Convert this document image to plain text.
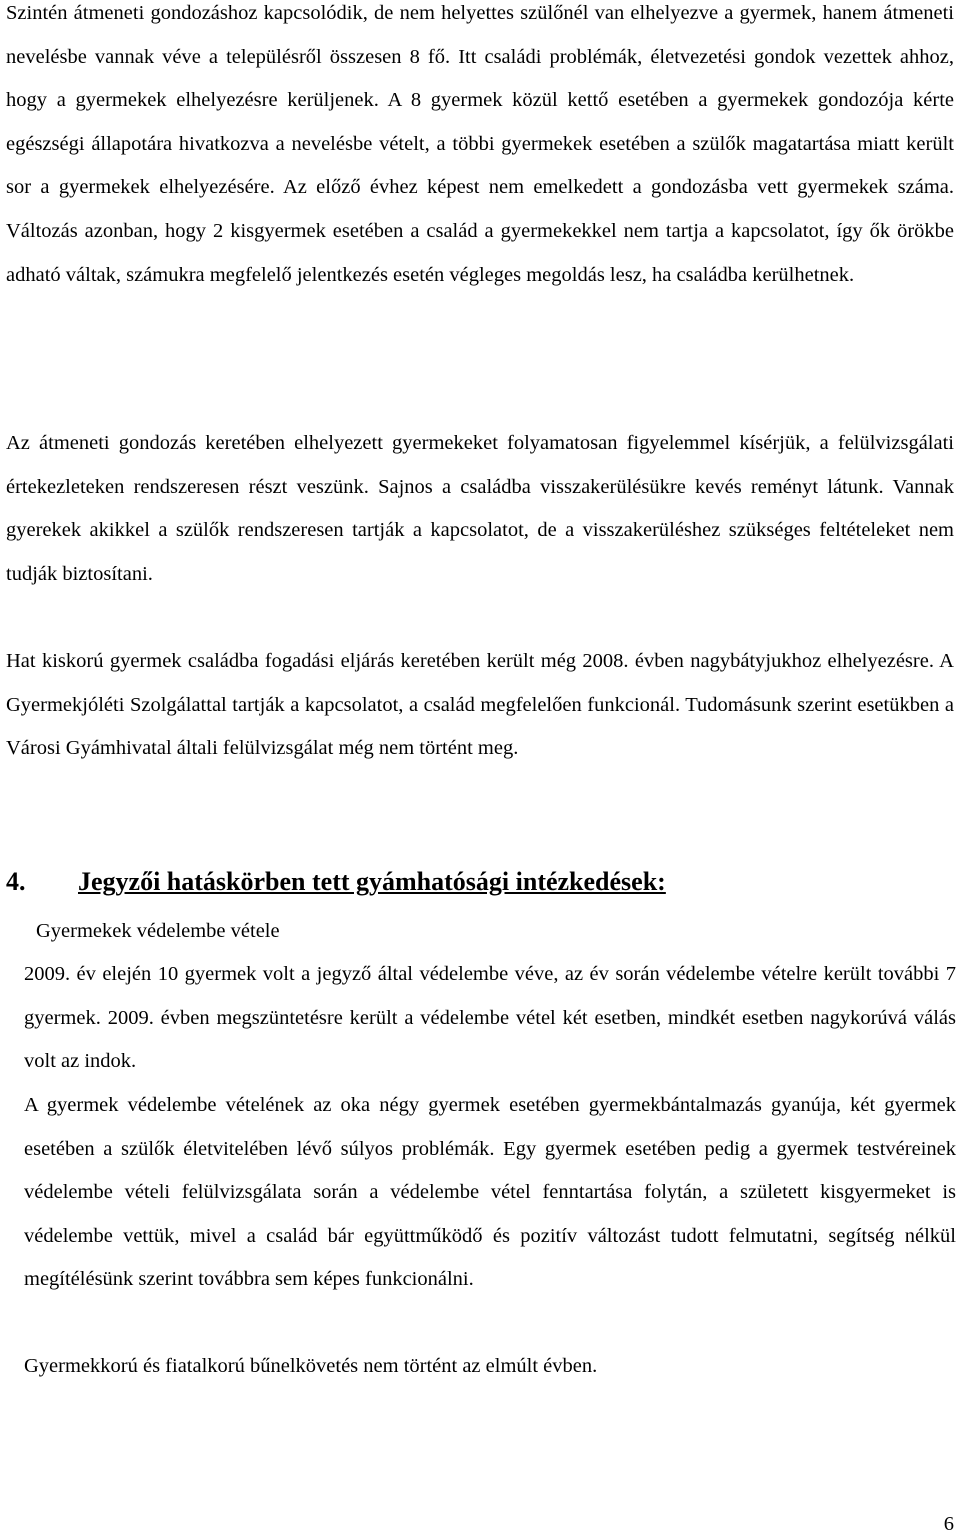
Szintén átmeneti gondozáshoz kapcsolódik, de nem helyettes szülőnél van elhelyezve a gyermek, hanem átmeneti nevelésbe vannak véve a településről összesen 8 fő. Itt családi problémák, életvezetési gondok vezettek ahhoz, hogy a gyermekek elhelyezésre kerüljenek. A 8 gyermek közül kettő esetében a gyermekek gondozója kérte egészségi állapotára hivatkozva a nevelésbe vételt, a többi gyermekek esetében a szülők magatartása miatt került sor a gyermekek elhelyezésére. Az előző évhez képest nem emelkedett a gondozásba vett gyermekek száma. Változás azonban, hogy 2 kisgyermek esetében a család a gyermekekkel nem tartja a kapcsolatot, így ők örökbe adható váltak, számukra megfelelő jelentkezés esetén végleges megoldás lesz, ha családba kerülhetnek.

Az átmeneti gondozás keretében elhelyezett gyermekeket folyamatosan figyelemmel kísérjük, a felülvizsgálati értekezleteken rendszeresen részt veszünk. Sajnos a családba visszakerülésükre kevés reményt látunk. Vannak gyerekek akikkel a szülők rendszeresen tartják a kapcsolatot, de a visszakerüléshez szükséges feltételeket nem tudják biztosítani.

Hat kiskorú gyermek családba fogadási eljárás keretében került még 2008. évben nagybátyjukhoz elhelyezésre. A Gyermekjóléti Szolgálattal tartják a kapcsolatot, a család megfelelően funkcionál. Tudomásunk szerint esetükben a Városi Gyámhivatal általi felülvizsgálat még nem történt meg.

4. Jegyzői hatáskörben tett gyámhatósági intézkedések:

Gyermekek védelembe vétele

2009. év elején 10 gyermek volt a jegyző által védelembe véve, az év során védelembe vételre került további 7 gyermek. 2009. évben megszüntetésre került a védelembe vétel két esetben, mindkét esetben nagykorúvá válás volt az indok.

A gyermek védelembe vételének az oka négy gyermek esetében gyermekbántalmazás gyanúja, két gyermek esetében a szülők életvitelében lévő súlyos problémák. Egy gyermek esetében pedig a gyermek testvéreinek védelembe vételi felülvizsgálata során a védelembe vétel fenntartása folytán, a született kisgyermeket is védelembe vettük, mivel a család bár együttműködő és pozitív változást tudott felmutatni, segítség nélkül megítélésünk szerint továbbra sem képes funkcionálni.

Gyermekkorú és fiatalkorú bűnelkövetés nem történt az elmúlt évben.

6
